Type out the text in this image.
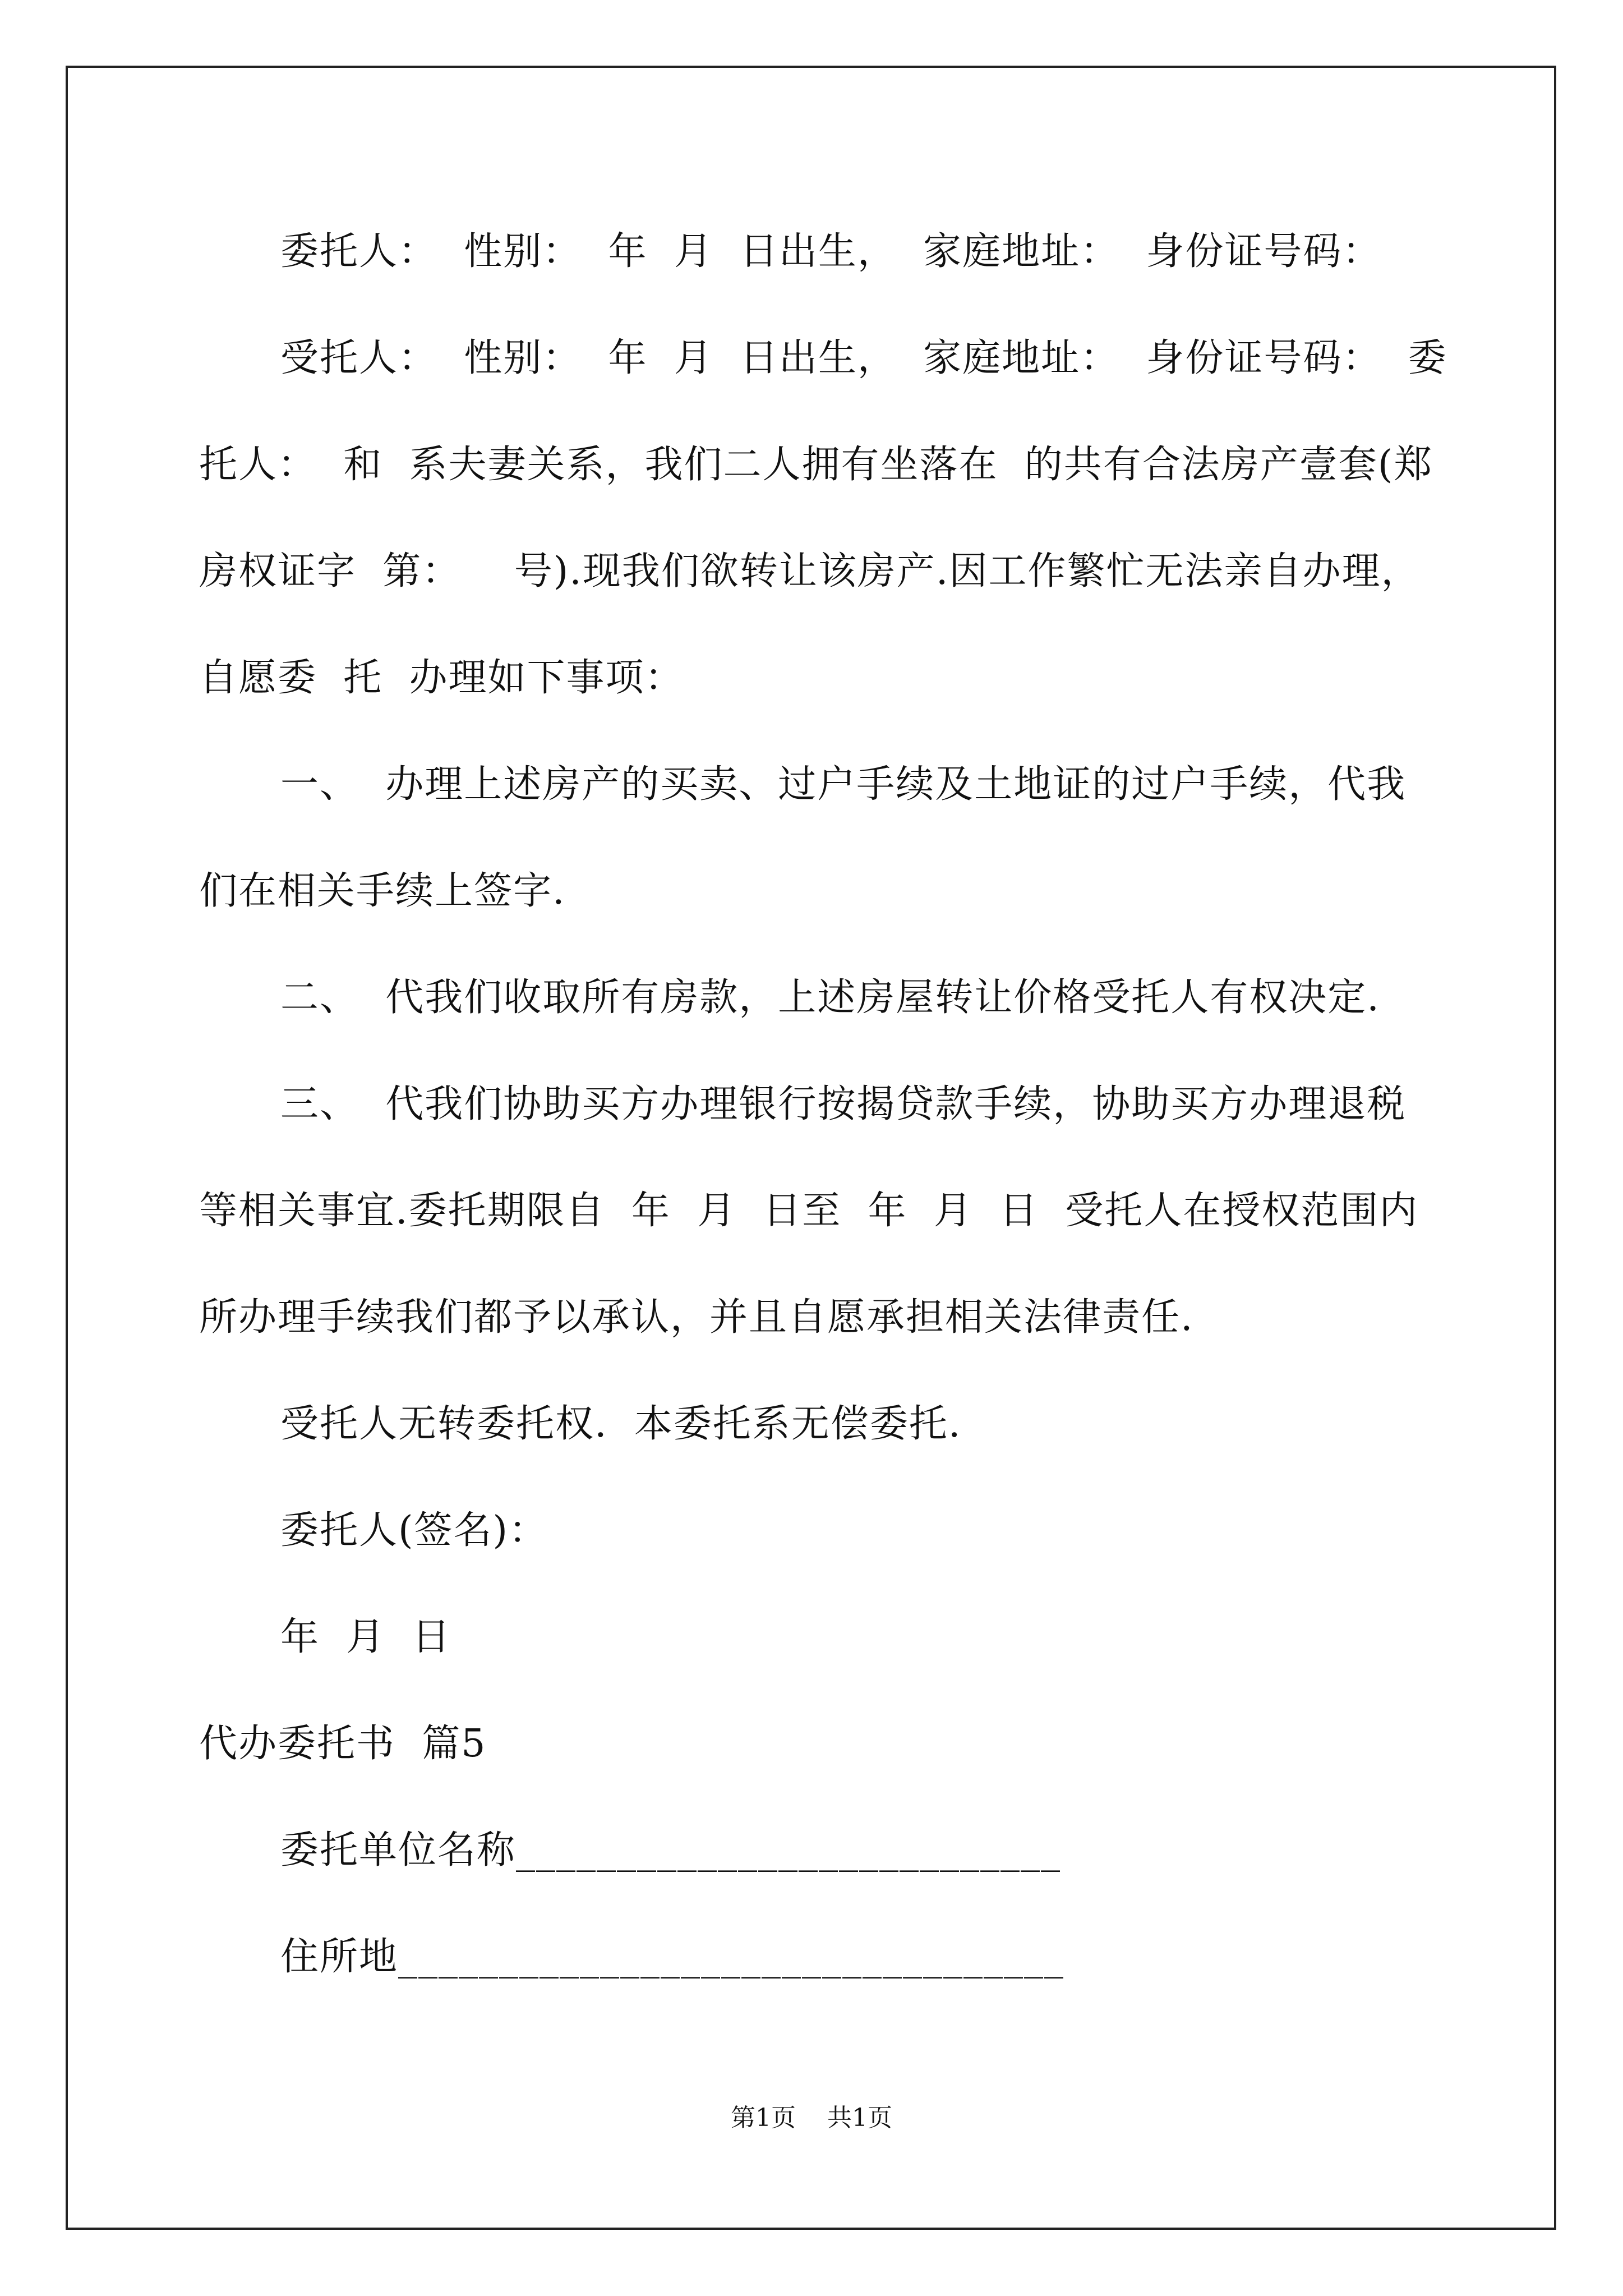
委托人：  性别：  年  月  日出生，  家庭地址：  身份证号码：
受托人：  性别：  年  月  日出生，  家庭地址：  身份证号码：  委
托人：  和  系夫妻关系，我们二人拥有坐落在  的共有合法房产壹套(郑
房权证字  第：    号).现我们欲转让该房产.因工作繁忙无法亲自办理，
自愿委  托  办理如下事项：
一、  办理上述房产的买卖、过户手续及土地证的过户手续，代我
们在相关手续上签字.
二、  代我们收取所有房款，上述房屋转让价格受托人有权决定.
三、  代我们协助买方办理银行按揭贷款手续，协助买方办理退税
等相关事宜.委托期限自  年  月  日至  年  月  日  受托人在授权范围内
所办理手续我们都予以承认，并且自愿承担相关法律责任.
受托人无转委托权.  本委托系无偿委托.
委托人(签名)：
年  月  日
代办委托书  篇5
委托单位名称___________________________
住所地_________________________________
第1页    共1页
